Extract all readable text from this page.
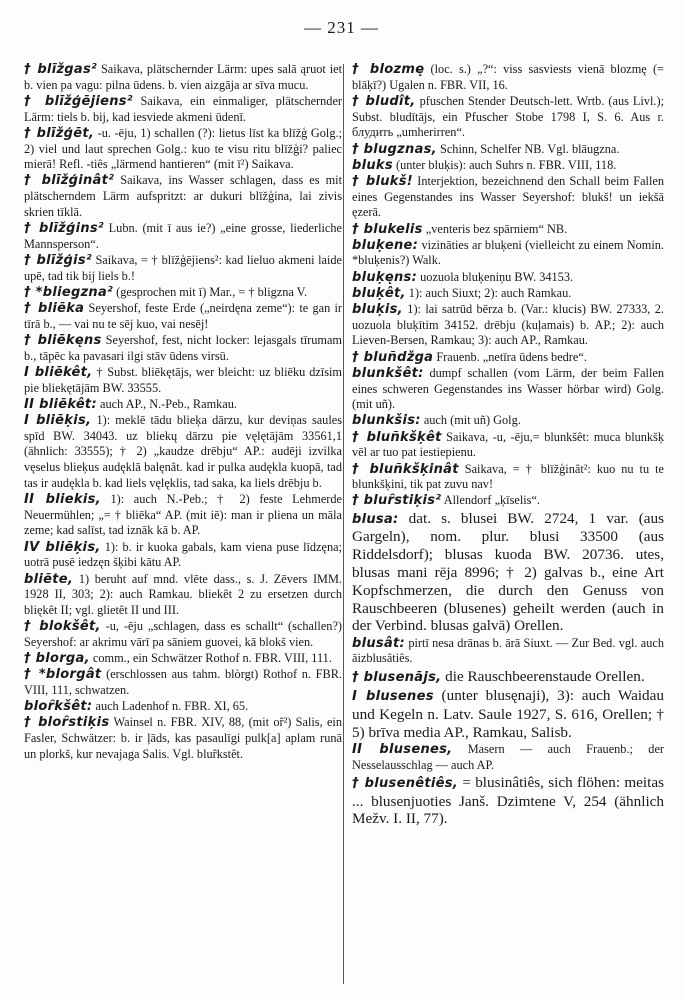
— 231 —

† blīžgas² Saikava, plätschernder Lärm: upes salā ąruot iet b. vien pa vagu: pilna ūdens. b. vien aizgāja ar sīva mucu.

† blīžģējiens² Saikava, ein einmaliger, plätschernder Lärm: tiels b. bij, kad iesviede akmeni ūdenī.

† blīžģēt, -u. -ēju, 1) schallen (?): lietus līst ka blīžģ Golg.; 2) viel und laut sprechen Golg.: kuo te visu ritu blīžģi? paliec mierā! Refl. -tiês „lärmend hantieren“ (mit ī²) Saikava.

† blīžģinât² Saikava, ins Wasser schlagen, dass es mit plätscherndem Lärm aufspritzt: ar dukuri blīžģina, lai zivis skrien tīklā.

† blīžģins² Lubn. (mit ī aus ie?) „eine grosse, liederliche Mannsperson“.

† blīžģis² Saikava, = † blīžģējiens²: kad lieluo akmeni laide upē, tad tik bij liels b.!

† *bliegzna² (gesprochen mit ī) Mar., = † bligzna V.

† bliēka Seyershof, feste Erde („neirdęna zeme“): te gan ir tīrā b., — vai nu te sēj kuo, vai nesēj!

† bliēkęns Seyershof, fest, nicht locker: lejasgals tīrumam b., tāpēc ka pavasari ilgi stāv ūdens virsū.

I bliēkêt, † Subst. bliēkętājs, wer bleicht: uz bliēku dzīsim pie bliekętājām BW. 33555.

II bliēkêt: auch AP., N.-Peb., Ramkau.

I bliēķis, 1): meklē tādu blieķa dārzu, kur deviņas saules spīd BW. 34043. uz bliekų dārzu pie vęlętājām 33561,1 (ähnlich: 33555); † 2) „kaudze drēbju“ AP.: audēji izvilka vęselus blieķus audęklā balęnât. kad ir pulka audękla kuopā, tad tas ir audękla b. kad liels vęlęklis, tad saka, ka liels drēbju b.

II bliekis, 1): auch N.-Peb.; † 2) feste Lehmerde Neuermühlen; „= † bliēka“ AP. (mit iē): man ir pliena un māla zeme; kad salīst, tad iznāk kā b. AP.

IV bliēķis, 1): b. ir kuoka gabals, kam viena puse līdzęna; uotrā pusē iedzęn šķibi kātu AP.

bliēte, 1) beruht auf mnd. vlēte dass., s. J. Zēvers IMM. 1928 II, 303; 2): auch Ramkau. bliekêt 2 zu ersetzen durch bliękêt II; vgl. glietêt II und III.

† blokšêt, -u, -ēju „schlagen, dass es schallt“ (schallen?) Seyershof: ar akrimu vārī pa sāniem guovei, kā blokš vien.

† blorga, comm., ein Schwätzer Rothof n. FBR. VIII, 111.

† *blorgât (erschlossen aus tahm. blòrgt) Rothof n. FBR. VIII, 111, schwatzen.

bloȓkšêt: auch Ladenhof n. FBR. XI, 65.

† bloȓstiķis Wainsel n. FBR. XIV, 88, (mit oȓ²) Salis, ein Fasler, Schwätzer: b. ir ļāds, kas pasaulīgi pulk[a] aplam runā un plorkš, kur nevajaga Salis. Vgl. bluȓkstêt.

† blozmę (loc. s.) „?“: viss sasviests vienā blozmę (= blāķī?) Ugalen n. FBR. VII, 16.

† bludît, pfuschen Stender Deutsch-lett. Wrtb. (aus Livl.); Subst. bludītājs, ein Pfuscher Stobe 1798 I, S. 6. Aus r. блудить „umherirren“.

† blugznas, Schinn, Schelfer NB. Vgl. blāugzna.

bluks (unter bluķis): auch Suhrs n. FBR. VIII, 118.

† blukš! Interjektion, bezeichnend den Schall beim Fallen eines Gegenstandes ins Wasser Seyershof: blukš! un iekšā ęzerā.

† blukelis „venteris bez spārniem“ NB.

bluķene: vizināties ar bluķeni (vielleicht zu einem Nomin. *bluķenis?) Walk.

bluķęns: uozuola bluķeniņu BW. 34153.

bluķêt, 1): auch Siuxt; 2): auch Ramkau.

bluķis, 1): lai satrūd bērza b. (Var.: klucis) BW. 27333, 2. uozuola bluķītim 34152. drēbju (kuļamais) b. AP.; 2): auch Lieven-Bersen, Ramkau; 3): auch AP., Ramkau.

† bluñdžga Frauenb. „netīra ūdens bedre“.

blunkšêt: dumpf schallen (vom Lärm, der beim Fallen eines schweren Gegenstandes ins Wasser hörbar wird) Golg. (mit uñ).

blunkšis: auch (mit uñ) Golg.

† bluñkšķêt Saikava, -u, -ēju,= blunkšêt: muca blunkšķ vēl ar tuo pat iestiepienu.

† bluñkšķinât Saikava, = † blīžģinât²: kuo nu tu te blunkšķini, tik pat zuvu nav!

† bluȓstiķis² Allendorf „ķīselis“.

blusa: dat. s. blusei BW. 2724, 1 var. (aus Gargeln), nom. plur. blusi 33500 (aus Riddelsdorf); blusas kuoda BW. 20736. utes, blusas mani rēja 8996; † 2) galvas b., eine Art Kopfschmerzen, die durch den Genuss von Rauschbeeren (blusenes) geheilt werden (auch in der Verbind. blusas galvā) Orellen.

blusât: pirtī nesa drānas b. ārā Siuxt. — Zur Bed. vgl. auch āizblusâtiês.

† blusenājs, die Rauschbeerenstaude Orellen.

I blusenes (unter blusęnaji), 3): auch Waidau und Kegeln n. Latv. Saule 1927, S. 616, Orellen; † 5) brīva media AP., Ramkau, Salisb.

II blusenes, Masern — auch Frauenb.; der Nesselausschlag — auch AP.

† blusenêtiês, = blusinâtiês, sich flöhen: meitas ... blusenjuoties Janš. Dzimtene V, 254 (ähnlich Mežv. I. II, 77).
